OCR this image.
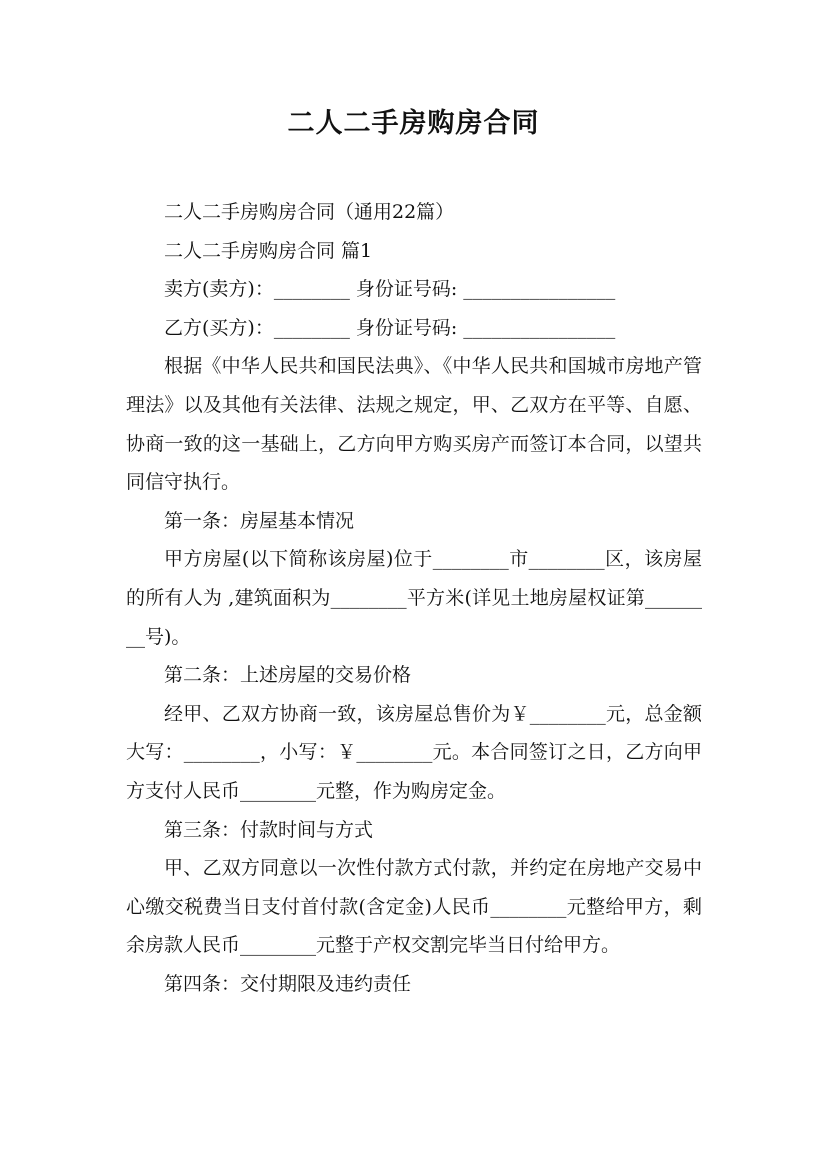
二人二手房购房合同

二人二手房购房合同（通用22篇）

二人二手房购房合同 篇1

卖方(卖方)：________ 身份证号码: ________________

乙方(买方)：________ 身份证号码: ________________

根据《中华人民共和国民法典》、《中华人民共和国城市房地产管理法》以及其他有关法律、法规之规定，甲、乙双方在平等、自愿、协商一致的这一基础上，乙方向甲方购买房产而签订本合同，以望共同信守执行。

第一条：房屋基本情况

甲方房屋(以下简称该房屋)位于________市________区，该房屋的所有人为 ,建筑面积为________平方米(详见土地房屋权证第________号)。

第二条：上述房屋的交易价格

经甲、乙双方协商一致，该房屋总售价为￥________元，总金额大写：________，小写：￥________元。本合同签订之日，乙方向甲方支付人民币________元整，作为购房定金。

第三条：付款时间与方式

甲、乙双方同意以一次性付款方式付款，并约定在房地产交易中心缴交税费当日支付首付款(含定金)人民币________元整给甲方，剩余房款人民币________元整于产权交割完毕当日付给甲方。

第四条：交付期限及违约责任
